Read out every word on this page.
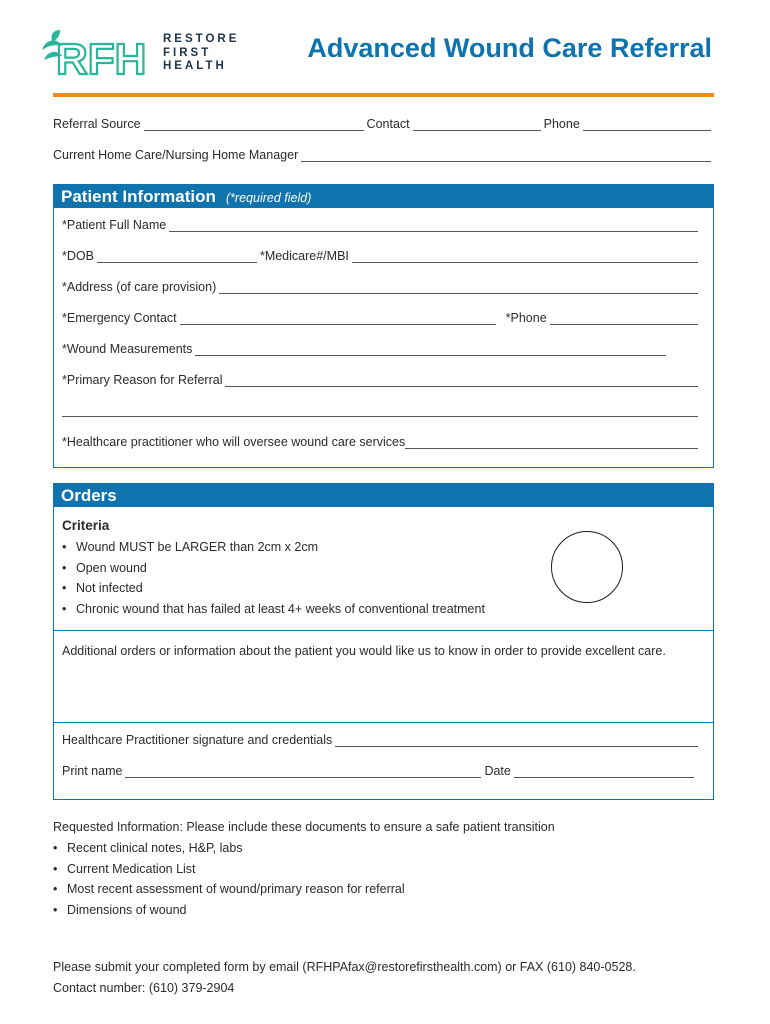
RFH RESTORE
FIRST
HEALTH
Advanced Wound Care Referral
Referral Source	Contact	Phone
Current Home Care/Nursing Home Manager
Patient Information (*required field)
*Patient Full Name
*DOB	*Medicare#/MBI
*Address (of care provision)
*Emergency Contact	*Phone
*Wound Measurements
*Primary Reason for Referral
*Healthcare practitioner who will oversee wound care services
Orders
Criteria
• Wound MUST be LARGER than 2cm x 2cm
• Open wound
• Not infected
• Chronic wound that has failed at least 4+ weeks of conventional treatment
Additional orders or information about the patient you would like us to know in order to provide excellent care.
Healthcare Practitioner signature and credentials
Print name	Date
Requested Information: Please include these documents to ensure a safe patient transition
• Recent clinical notes, H&P, labs
• Current Medication List
• Most recent assessment of wound/primary reason for referral
• Dimensions of wound
Please submit your completed form by email (RFHPAfax@restorefirsthealth.com) or FAX (610) 840-0528.
Contact number: (610) 379-2904
